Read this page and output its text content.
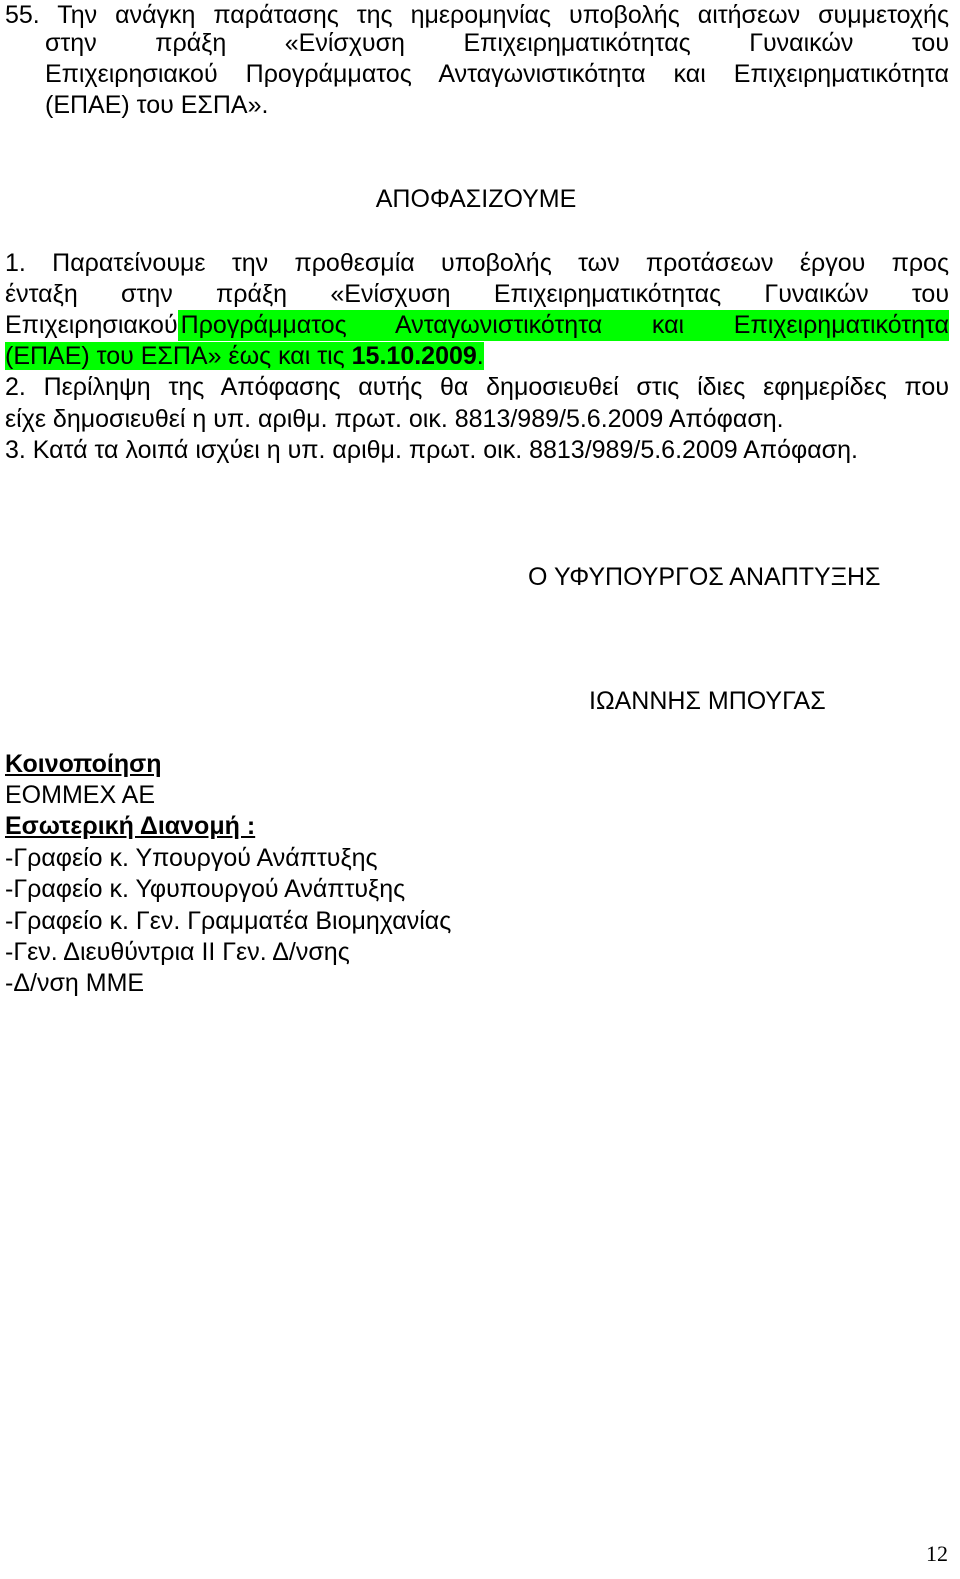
55. Την ανάγκη παράτασης της ημερομηνίας υποβολής αιτήσεων συμμετοχής
στην πράξη «Ενίσχυση Επιχειρηματικότητας Γυναικών του
Επιχειρησιακού Προγράμματος Ανταγωνιστικότητα και Επιχειρηματικότητα
(ΕΠΑΕ) του ΕΣΠΑ».
ΑΠΟΦΑΣΙΖΟΥΜΕ
1. Παρατείνουμε την προθεσμία υποβολής των προτάσεων έργου προς
ένταξη στην πράξη «Ενίσχυση Επιχειρηματικότητας Γυναικών του
Επιχειρησιακού Προγράμματος Ανταγωνιστικότητα και Επιχειρηματικότητα
(ΕΠΑΕ) του ΕΣΠΑ» έως και τις 15.10.2009.
2. Περίληψη της Απόφασης αυτής θα δημοσιευθεί στις ίδιες εφημερίδες που
είχε δημοσιευθεί η υπ. αριθμ. πρωτ. οικ. 8813/989/5.6.2009 Απόφαση.
3. Κατά τα λοιπά ισχύει η υπ. αριθμ. πρωτ. οικ. 8813/989/5.6.2009 Απόφαση.
Ο ΥΦΥΠΟΥΡΓΟΣ ΑΝΑΠΤΥΞΗΣ
ΙΩΑΝΝΗΣ ΜΠΟΥΓΑΣ
Κοινοποίηση
ΕΟΜΜΕΧ ΑΕ
Εσωτερική Διανομή :
-Γραφείο κ. Υπουργού Ανάπτυξης
-Γραφείο κ. Υφυπουργού Ανάπτυξης
-Γραφείο κ. Γεν. Γραμματέα Βιομηχανίας
-Γεν. Διευθύντρια ΙΙ Γεν. Δ/νσης
-Δ/νση ΜΜΕ
12
